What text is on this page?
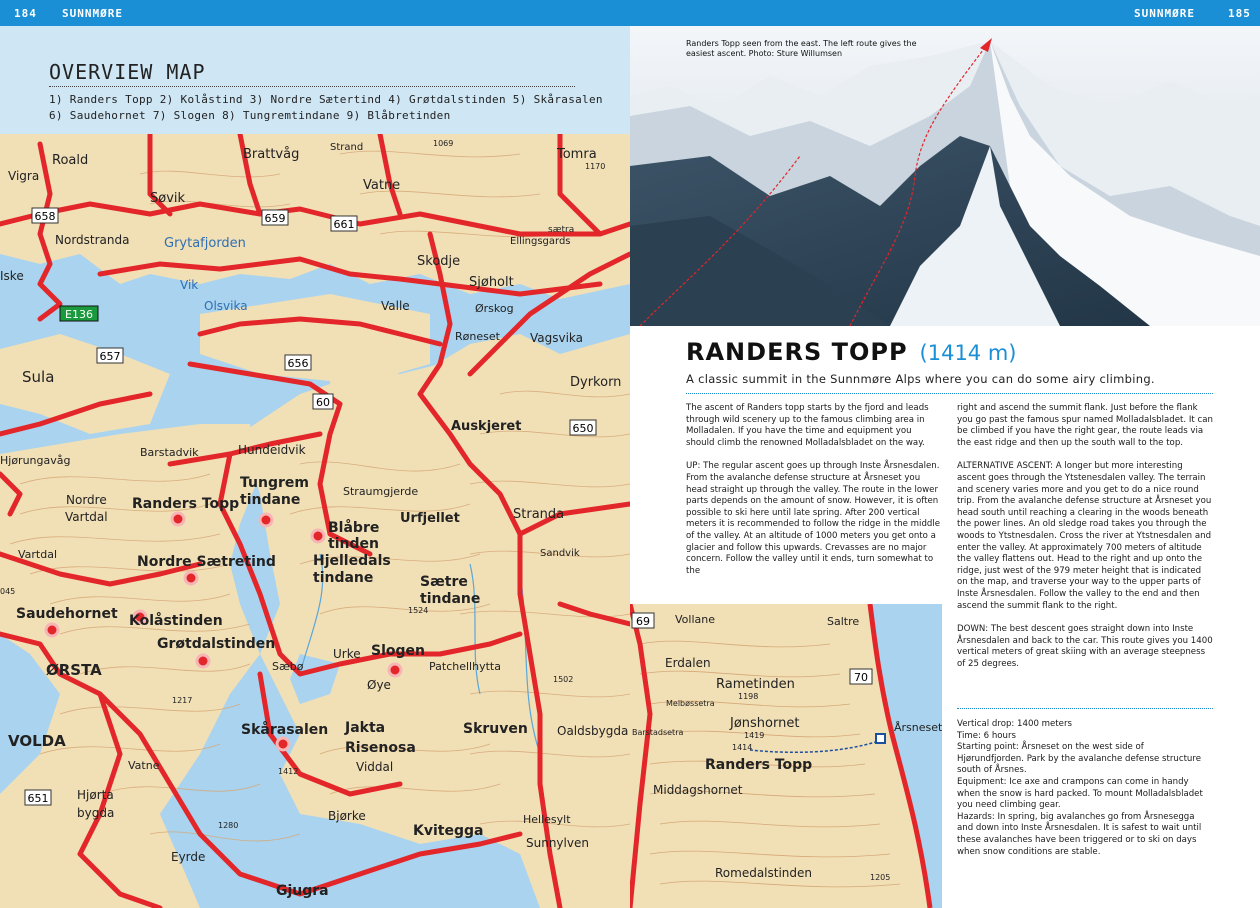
184 SUNNMØRE	SUNNMØRE	185
OVERVIEW MAP
1) Randers Topp 2) Kolåstind 3) Nordre Sætertind 4) Grøtdalstinden 5) Skårasalen
6) Saudehornet 7) Slogen 8) Tungremtindane 9) Blåbretinden
658	659	661
E136
657
656
60
650
651
Roald
Vigra
Brattvåg	Strand	1069
Tomra
1170
Søvik
Vatne
Nordstranda	Grytafjorden	Ellingsgards
sætra
Skodje
Iske
Vik
Olsvika	Valle
Sjøholt
Ørskog
Røneset	Vagsvika
Sula	Dyrkorn
Barstadvik	Hundeidvik
Auskjeret
Hjørungavåg
Tungrem
tindane
Straumgjerde
Nordre
Vartdal
Randers Topp
Blåbre
tinden
Urfjellet
Hjelledals
tindane
Stranda
Vartdal	Nordre Sætretind
Sandvik
Sætre
tindane
1524
045
Saudehornet Kolåstinden
Grøtdalstinden	Slogen
Urke
Patchellhytta
Sæbø
ØRSTA
1217
Øye	1502
VOLDA
Skårasalen Jakta
Risenosa
Viddal
Skruven Oaldsbygda
Vatne	1412
Hjørta
bygda
1280
Bjørke
Kvitegga
Hellesylt
Sunnylven
Eyrde
Gjugra
Randers Topp seen from the east. The left route gives the easiest ascent. Photo: Sture Willumsen
RANDERS TOPP (1414 m)
A classic summit in the Sunnmøre Alps where you can do some airy climbing.

The ascent of Randers topp starts by the fjord and leads through wild scenery up to the famous climbing area in Molladalen. If you have the time and equipment you should climb the renowned Molladalsbladet on the way.

UP: The regular ascent goes up through Inste Årsnesdalen. From the avalanche defense structure at Årsneset you head straight up through the valley. The route in the lower parts depends on the amount of snow. However, it is often possible to ski here until late spring. After 200 vertical meters it is recommended to follow the ridge in the middle of the valley. At an altitude of 1000 meters you get onto a glacier and follow this upwards. Crevasses are no major concern. Follow the valley until it ends, turn somewhat to the

69
70
Vollane	Saltre
Erdalen
Rametinden
1198
Melbøssetra
Jønshornet
1419
Barstadsetra
1414
Årsneset
Randers Topp
Middagshornet
Romedalstinden	1205

right and ascend the summit flank. Just before the flank you go past the famous spur named Molladalsbladet. It can be climbed if you have the right gear, the route leads via the east ridge and then up the south wall to the top.

ALTERNATIVE ASCENT: A longer but more interesting ascent goes through the Ytstenesdalen valley. The terrain and scenery varies more and you get to do a nice round trip. From the avalanche defense structure at Årsneset you head south until reaching a clearing in the woods beneath the power lines. An old sledge road takes you through the woods to Ytstnesdalen. Cross the river at Ytstnesdalen and enter the valley. At approximately 700 meters of altitude the valley flattens out. Head to the right and up onto the ridge, just west of the 979 meter height that is indicated on the map, and traverse your way to the upper parts of Inste Årsnesdalen. Follow the valley to the end and then ascend the summit flank to the right.

DOWN: The best descent goes straight down into Inste Årsnesdalen and back to the car. This route gives you 1400 vertical meters of great skiing with an average steepness of 25 degrees.

Vertical drop: 1400 meters
Time: 6 hours
Starting point: Årsneset on the west side of Hjørundfjorden. Park by the avalanche defense structure south of Årsnes.
Equipment: Ice axe and crampons can come in handy when the snow is hard packed. To mount Molladalsbladet you need climbing gear.
Hazards: In spring, big avalanches go from Årsnesegga and down into Inste Årsnesdalen. It is safest to wait until these avalanches have been triggered or to ski on days when snow conditions are stable.
